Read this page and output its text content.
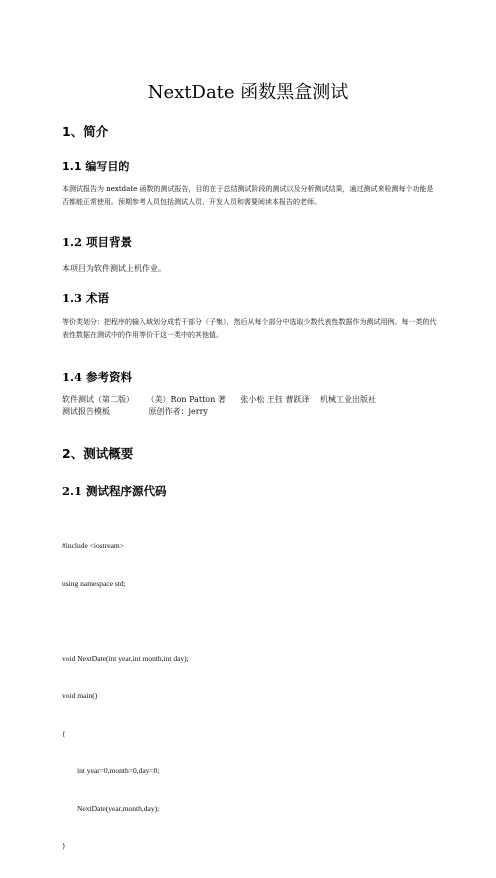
NextDate 函数黑盒测试
1、简介
1.1 编写目的
本测试报告为 nextdate 函数的测试报告，目的在于总结测试阶段的测试以及分析测试结果，通过测试来检测每个功能是否都能正常使用。预期参考人员包括测试人员、开发人员和需要阅读本报告的老师。
1.2 项目背景
本项目为软件测试上机作业。
1.3 术语
等价类划分：把程序的输入域划分成若干部分（子集），然后从每个部分中选取少数代表性数据作为测试用例。每一类的代表性数据在测试中的作用等价于这一类中的其他值。
1.4 参考资料
软件测试（第二版） （美）Ron Patton 著 张小松 王钰 曹跃译 机械工业出版社
测试报告模板	原创作者：jerry
2、测试概要
2.1 测试程序源代码

#include <iostream>

using namespace std;

void NextDate(int year,int month,int day);

void main()

{

int year=0,month=0,day=0;

NextDate(year,month,day);

}
